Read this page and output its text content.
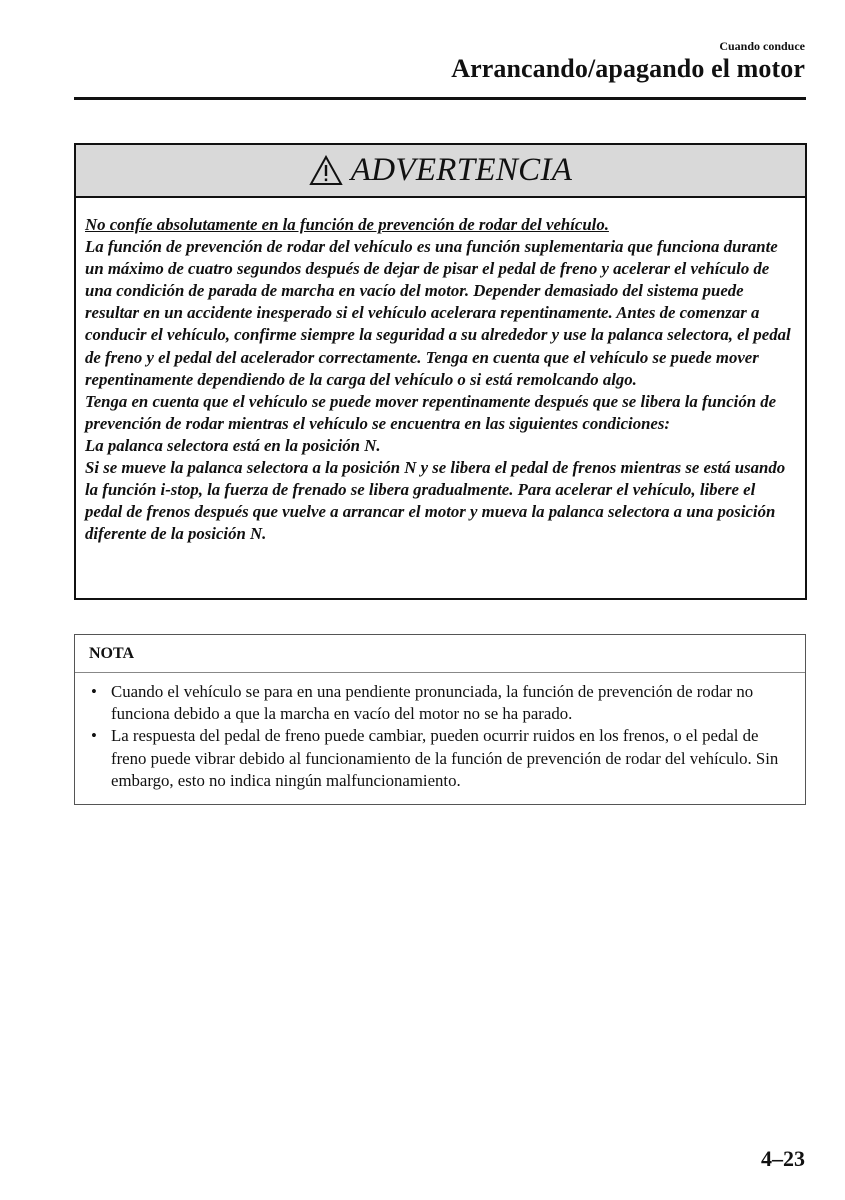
Cuando conduce
Arrancando/apagando el motor
ADVERTENCIA

No confíe absolutamente en la función de prevención de rodar del vehículo.

La función de prevención de rodar del vehículo es una función suplementaria que funciona durante un máximo de cuatro segundos después de dejar de pisar el pedal de freno y acelerar el vehículo de una condición de parada de marcha en vacío del motor. Depender demasiado del sistema puede resultar en un accidente inesperado si el vehículo acelerara repentinamente. Antes de comenzar a conducir el vehículo, confirme siempre la seguridad a su alrededor y use la palanca selectora, el pedal de freno y el pedal del acelerador correctamente. Tenga en cuenta que el vehículo se puede mover repentinamente dependiendo de la carga del vehículo o si está remolcando algo.

Tenga en cuenta que el vehículo se puede mover repentinamente después que se libera la función de prevención de rodar mientras el vehículo se encuentra en las siguientes condiciones:

La palanca selectora está en la posición N.

Si se mueve la palanca selectora a la posición N y se libera el pedal de frenos mientras se está usando la función i-stop, la fuerza de frenado se libera gradualmente. Para acelerar el vehículo, libere el pedal de frenos después que vuelve a arrancar el motor y mueva la palanca selectora a una posición diferente de la posición N.

NOTA
• Cuando el vehículo se para en una pendiente pronunciada, la función de prevención de rodar no funciona debido a que la marcha en vacío del motor no se ha parado.
• La respuesta del pedal de freno puede cambiar, pueden ocurrir ruidos en los frenos, o el pedal de freno puede vibrar debido al funcionamiento de la función de prevención de rodar del vehículo. Sin embargo, esto no indica ningún malfuncionamiento.
4–23
